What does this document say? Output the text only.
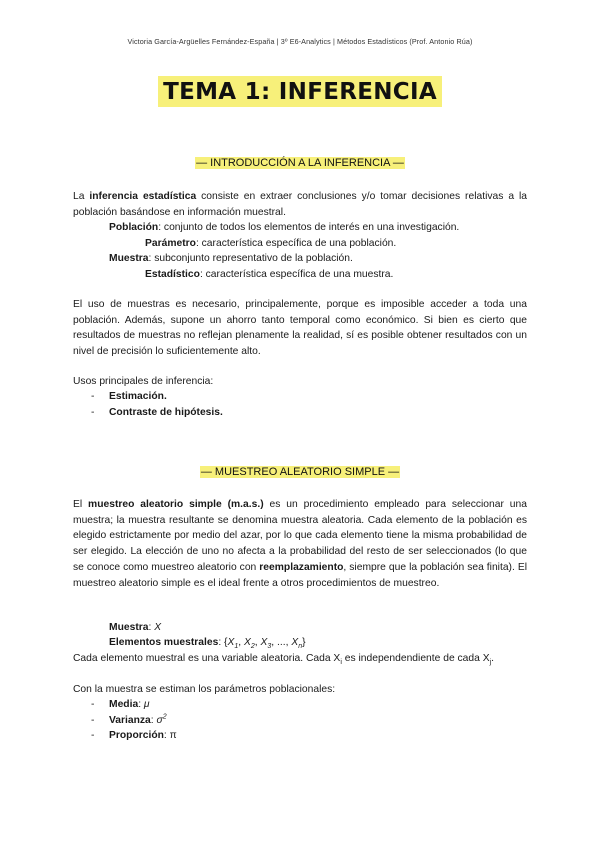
Victoria García-Argüelles Fernández-España | 3º E6-Analytics | Métodos Estadísticos (Prof. Antonio Rúa)
TEMA 1: INFERENCIA
— INTRODUCCIÓN A LA INFERENCIA —
La inferencia estadística consiste en extraer conclusiones y/o tomar decisiones relativas a la población basándose en información muestral.
Población: conjunto de todos los elementos de interés en una investigación.
Parámetro: característica específica de una población.
Muestra: subconjunto representativo de la población.
Estadístico: característica específica de una muestra.
El uso de muestras es necesario, principalemente, porque es imposible acceder a toda una población. Además, supone un ahorro tanto temporal como económico. Si bien es cierto que resultados de muestras no reflejan plenamente la realidad, sí es posible obtener resultados con un nivel de precisión lo suficientemente alto.
Usos principales de inferencia:
- Estimación.
- Contraste de hipótesis.
— MUESTREO ALEATORIO SIMPLE —
El muestreo aleatorio simple (m.a.s.) es un procedimiento empleado para seleccionar una muestra; la muestra resultante se denomina muestra aleatoria. Cada elemento de la población es elegido estrictamente por medio del azar, por lo que cada elemento tiene la misma probabilidad de ser elegido. La elección de uno no afecta a la probabilidad del resto de ser seleccionados (lo que se conoce como muestreo aleatorio con reemplazamiento, siempre que la población sea finita). El muestreo aleatorio simple es el ideal frente a otros procedimientos de muestreo.
Muestra: X
Elementos muestrales: {$X_1$, $X_2$, $X_3$, ..., $X_n$}
Cada elemento muestral es una variable aleatoria. Cada $X_i$ es independendiente de cada $X_j$.
Con la muestra se estiman los parámetros poblacionales:
- Media: μ
- Varianza: $\sigma^2$
- Proporción: π
